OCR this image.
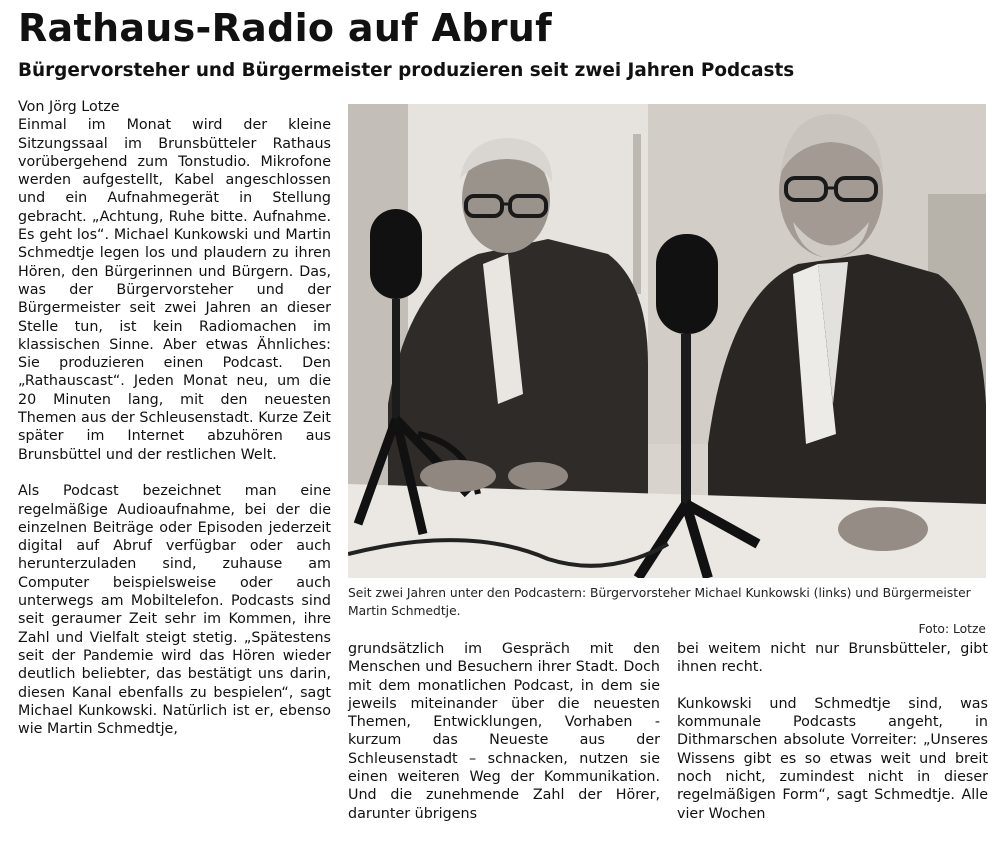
Rathaus-Radio auf Abruf
Bürgervorsteher und Bürgermeister produzieren seit zwei Jahren Podcasts
Von Jörg Lotze

Einmal im Monat wird der kleine Sitzungssaal im Brunsbütteler Rathaus vorübergehend zum Tonstudio. Mikrofone werden aufgestellt, Kabel angeschlossen und ein Aufnahmegerät in Stellung gebracht. „Achtung, Ruhe bitte. Aufnahme. Es geht los“. Michael Kunkowski und Martin Schmedtje legen los und plaudern zu ihren Hören, den Bürgerinnen und Bürgern. Das, was der Bürgervorsteher und der Bürgermeister seit zwei Jahren an dieser Stelle tun, ist kein Radiomachen im klassischen Sinne. Aber etwas Ähnliches: Sie produzieren einen Podcast. Den „Rathauscast“. Jeden Monat neu, um die 20 Minuten lang, mit den neuesten Themen aus der Schleusenstadt. Kurze Zeit später im Internet abzuhören aus Brunsbüttel und der restlichen Welt.

Als Podcast bezeichnet man eine regelmäßige Audioaufnahme, bei der die einzelnen Beiträge oder Episoden jederzeit digital auf Abruf verfügbar oder auch herunterzuladen sind, zuhause am Computer beispielsweise oder auch unterwegs am Mobiltelefon. Podcasts sind seit geraumer Zeit sehr im Kommen, ihre Zahl und Vielfalt steigt stetig. „Spätestens seit der Pandemie wird das Hören wieder deutlich beliebter, das bestätigt uns darin, diesen Kanal ebenfalls zu bespielen“, sagt Michael Kunkowski. Natürlich ist er, ebenso wie Martin Schmedtje,

Seit zwei Jahren unter den Podcastern: Bürgervorsteher Michael Kunkowski (links) und Bürgermeister Martin Schmedtje.
Foto: Lotze

grundsätzlich im Gespräch mit den Menschen und Besuchern ihrer Stadt. Doch mit dem monatlichen Podcast, in dem sie jeweils miteinander über die neuesten Themen, Entwicklungen, Vorhaben - kurzum das Neueste aus der Schleusenstadt – schnacken, nutzen sie einen weiteren Weg der Kommunikation. Und die zunehmende Zahl der Hörer, darunter übrigens

bei weitem nicht nur Brunsbütteler, gibt ihnen recht.

Kunkowski und Schmedtje sind, was kommunale Podcasts angeht, in Dithmarschen absolute Vorreiter: „Unseres Wissens gibt es so etwas weit und breit noch nicht, zumindest nicht in dieser regelmäßigen Form“, sagt Schmedtje. Alle vier Wochen
